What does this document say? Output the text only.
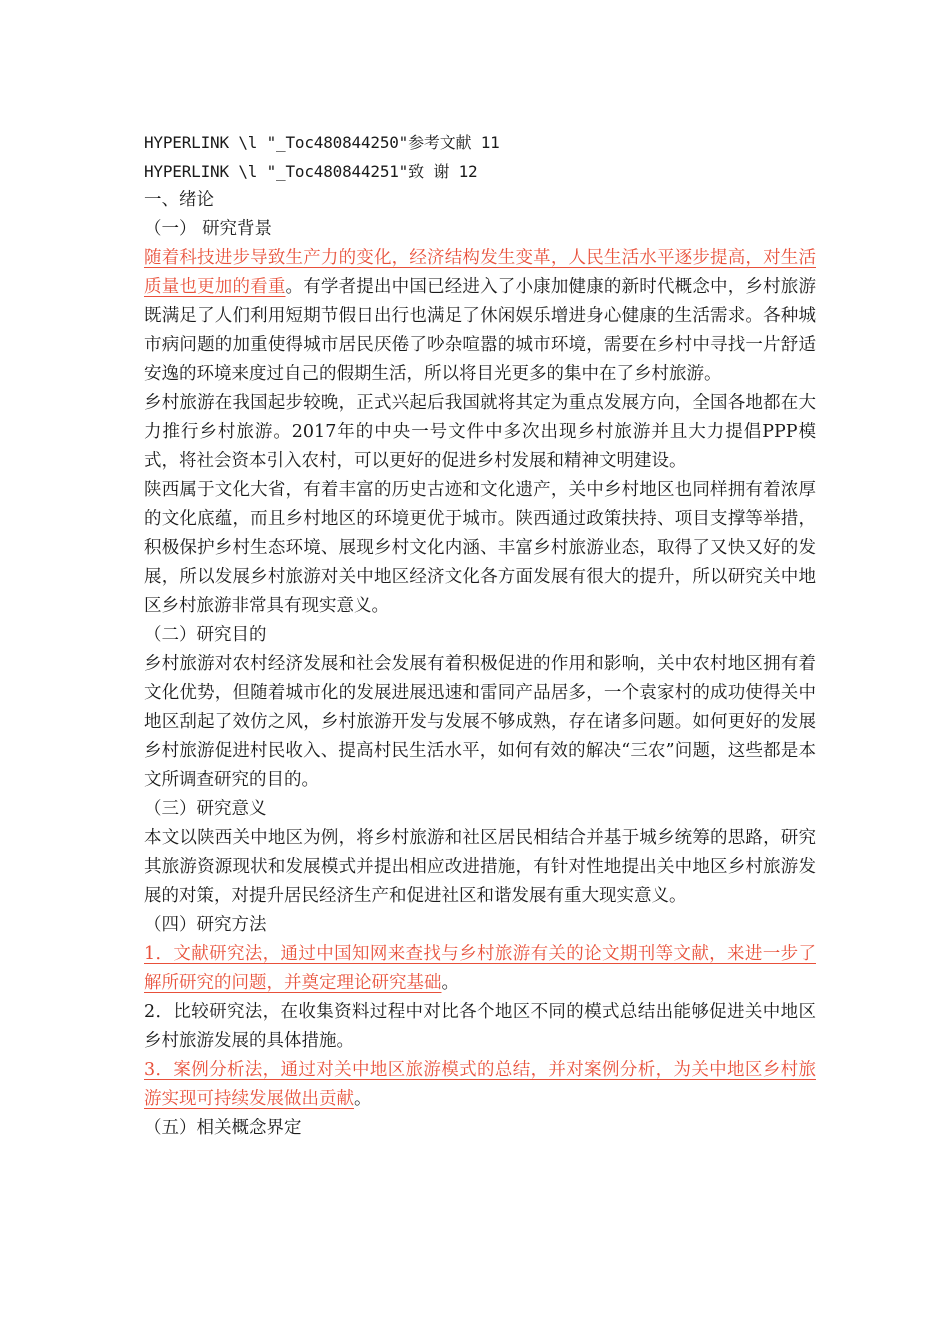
HYPERLINK \l "_Toc480844250"参考文献 11
HYPERLINK \l "_Toc480844251"致 谢 12
一、绪论
（一） 研究背景

随着科技进步导致生产力的变化，经济结构发生变革，人民生活水平逐步提高，对生活质量也更加的看重。有学者提出中国已经进入了小康加健康的新时代概念中，乡村旅游既满足了人们利用短期节假日出行也满足了休闲娱乐增进身心健康的生活需求。各种城市病问题的加重使得城市居民厌倦了吵杂喧嚣的城市环境，需要在乡村中寻找一片舒适安逸的环境来度过自己的假期生活，所以将目光更多的集中在了乡村旅游。

乡村旅游在我国起步较晚，正式兴起后我国就将其定为重点发展方向，全国各地都在大力推行乡村旅游。2017年的中央一号文件中多次出现乡村旅游并且大力提倡PPP模式，将社会资本引入农村，可以更好的促进乡村发展和精神文明建设。

陕西属于文化大省，有着丰富的历史古迹和文化遗产，关中乡村地区也同样拥有着浓厚的文化底蕴，而且乡村地区的环境更优于城市。陕西通过政策扶持、项目支撑等举措，积极保护乡村生态环境、展现乡村文化内涵、丰富乡村旅游业态，取得了又快又好的发展，所以发展乡村旅游对关中地区经济文化各方面发展有很大的提升，所以研究关中地区乡村旅游非常具有现实意义。

（二）研究目的

乡村旅游对农村经济发展和社会发展有着积极促进的作用和影响，关中农村地区拥有着文化优势，但随着城市化的发展进展迅速和雷同产品居多，一个袁家村的成功使得关中地区刮起了效仿之风，乡村旅游开发与发展不够成熟，存在诸多问题。如何更好的发展乡村旅游促进村民收入、提高村民生活水平，如何有效的解决“三农”问题，这些都是本文所调查研究的目的。

（三）研究意义

本文以陕西关中地区为例，将乡村旅游和社区居民相结合并基于城乡统筹的思路，研究其旅游资源现状和发展模式并提出相应改进措施，有针对性地提出关中地区乡村旅游发展的对策，对提升居民经济生产和促进社区和谐发展有重大现实意义。

（四）研究方法

1．文献研究法，通过中国知网来查找与乡村旅游有关的论文期刊等文献，来进一步了解所研究的问题，并奠定理论研究基础。

2．比较研究法，在收集资料过程中对比各个地区不同的模式总结出能够促进关中地区乡村旅游发展的具体措施。

3．案例分析法，通过对关中地区旅游模式的总结，并对案例分析，为关中地区乡村旅游实现可持续发展做出贡献。

（五）相关概念界定
